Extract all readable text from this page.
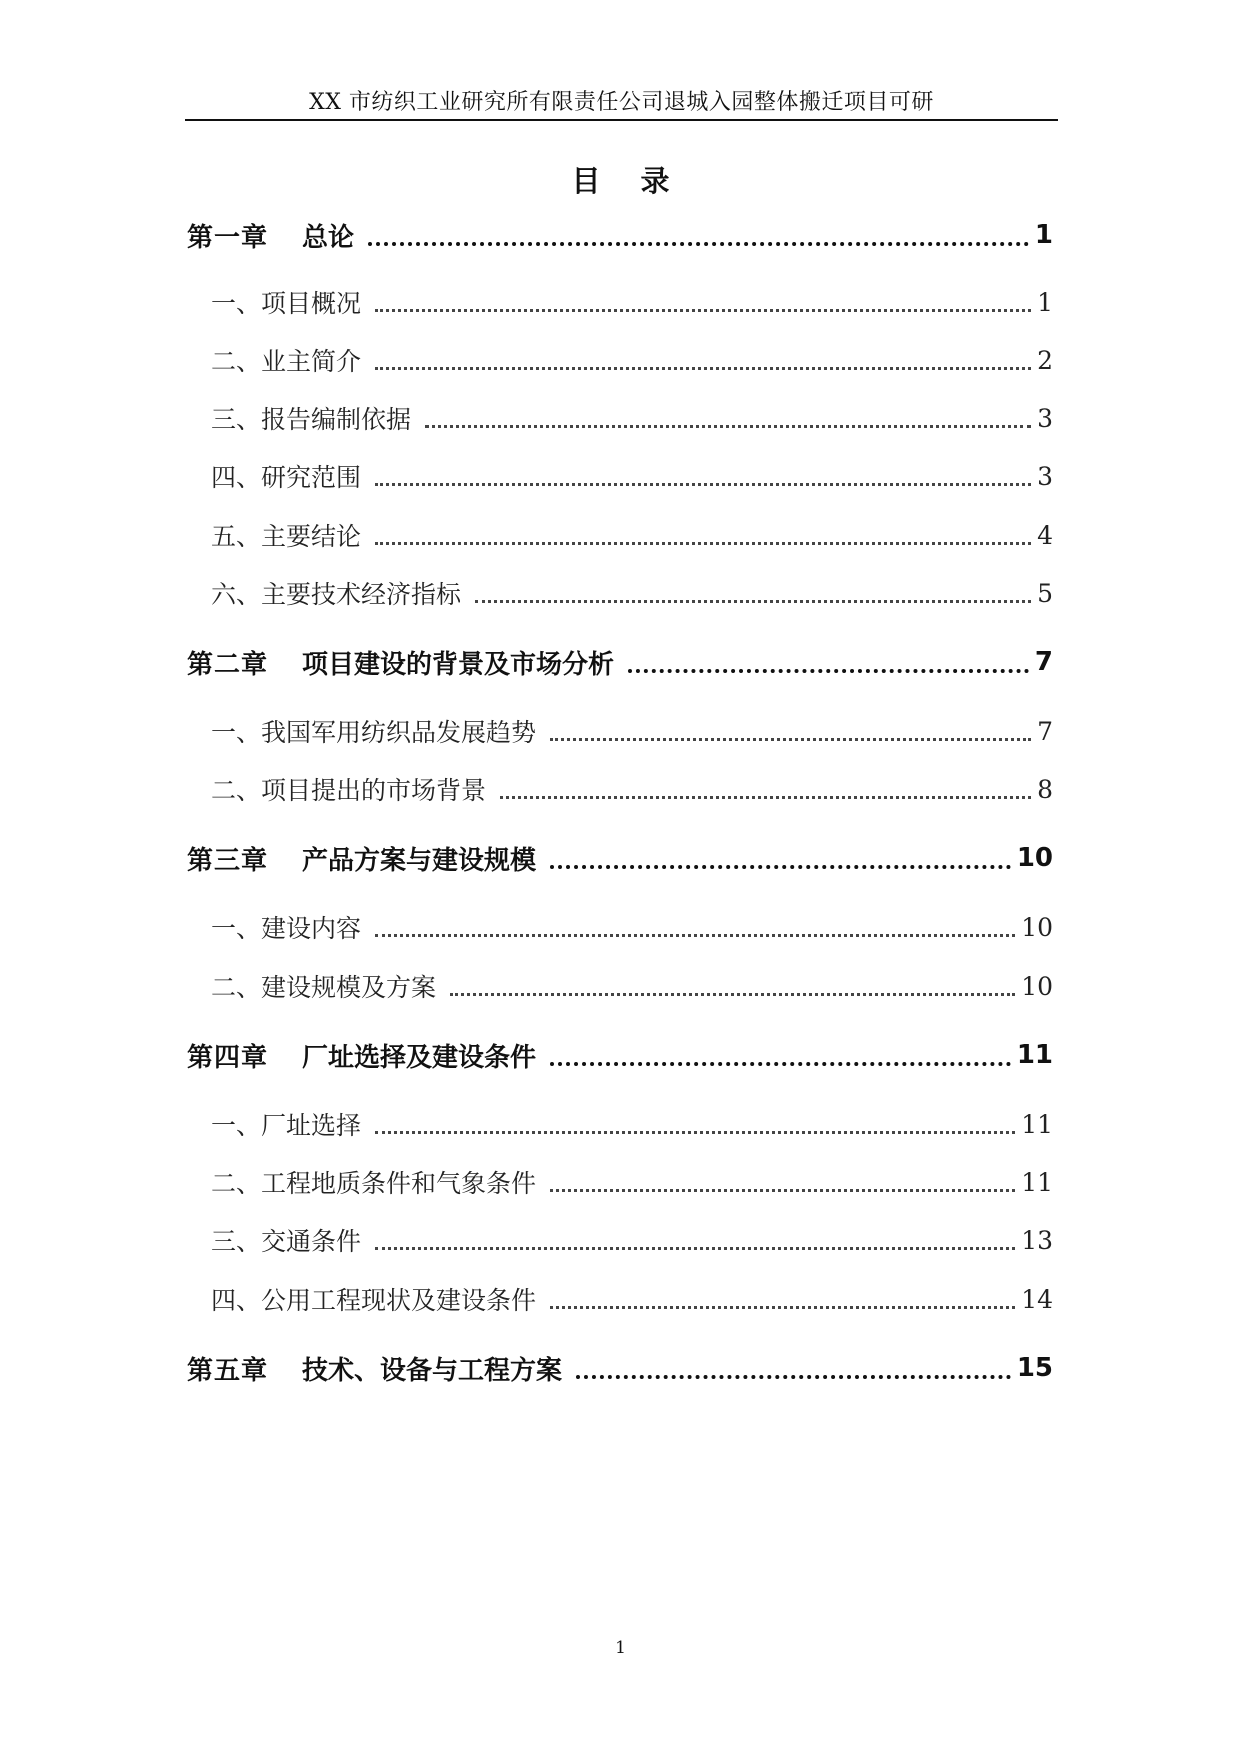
XX 市纺织工业研究所有限责任公司退城入园整体搬迁项目可研
目录
第一章 总论	1
一、项目概况	1
二、业主简介	2
三、报告编制依据	3
四、研究范围	3
五、主要结论	4
六、主要技术经济指标	5
第二章 项目建设的背景及市场分析	7
一、我国军用纺织品发展趋势	7
二、项目提出的市场背景	8
第三章 产品方案与建设规模	10
一、建设内容	10
二、建设规模及方案	10
第四章 厂址选择及建设条件	11
一、厂址选择	11
二、工程地质条件和气象条件	11
三、交通条件	13
四、公用工程现状及建设条件	14
第五章 技术、设备与工程方案	15
1
